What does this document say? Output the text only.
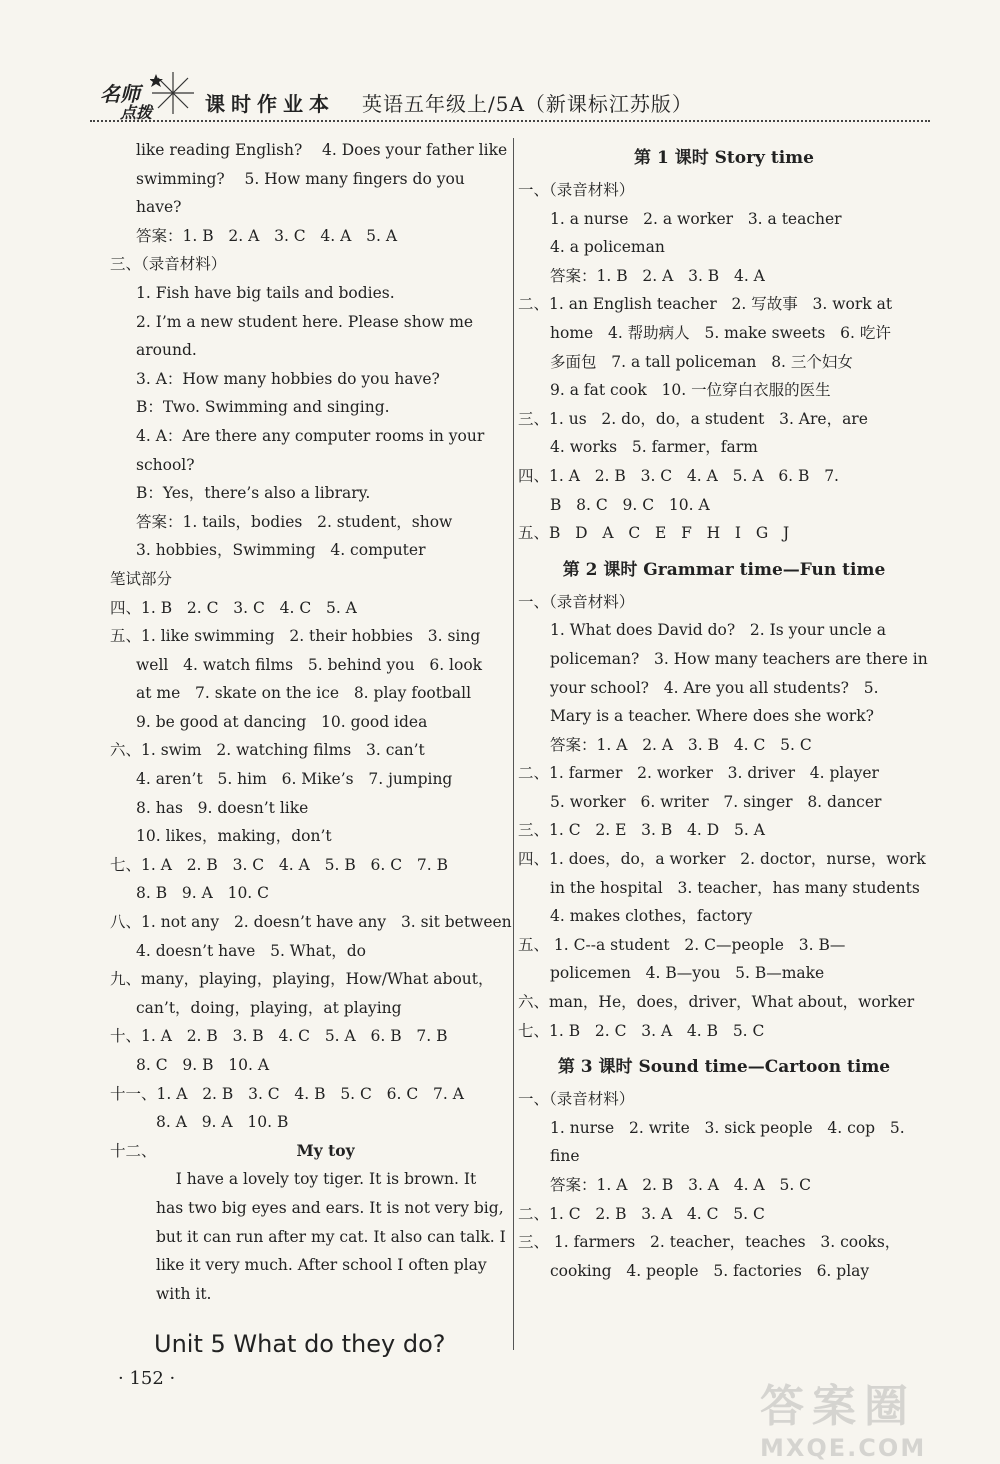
名师
点拨	课时作业本 英语五年级上/5A（新课标江苏版）
like reading English?    4. Does your father like
swimming?    5. How many fingers do you
have?
答案：1. B   2. A   3. C   4. A   5. A
三、（录音材料）
1. Fish have big tails and bodies.
2. I’m a new student here. Please show me
around.
3. A：How many hobbies do you have?
B：Two. Swimming and singing.
4. A：Are there any computer rooms in your
school?
B：Yes，there’s also a library.
答案：1. tails，bodies   2. student，show
3. hobbies，Swimming   4. computer
笔试部分
四、1. B   2. C   3. C   4. C   5. A
五、1. like swimming   2. their hobbies   3. sing
well   4. watch films   5. behind you   6. look
at me   7. skate on the ice   8. play football
9. be good at dancing   10. good idea
六、1. swim   2. watching films   3. can’t
4. aren’t   5. him   6. Mike’s   7. jumping
8. has   9. doesn’t like
10. likes，making，don’t
七、1. A   2. B   3. C   4. A   5. B   6. C   7. B
8. B   9. A   10. C
八、1. not any   2. doesn’t have any   3. sit between
4. doesn’t have   5. What，do
九、many，playing，playing，How/What about，
can’t，doing，playing，at playing
十、1. A   2. B   3. B   4. C   5. A   6. B   7. B
8. C   9. B   10. A
十一、1. A   2. B   3. C   4. B   5. C   6. C   7. A
8. A   9. A   10. B
十二、	My toy
I have a lovely toy tiger. It is brown. It
has two big eyes and ears. It is not very big,
but it can run after my cat. It also can talk. I
like it very much. After school I often play
with it.
Unit 5 What do they do?
第 1 课时 Story time
一、（录音材料）
1. a nurse   2. a worker   3. a teacher
4. a policeman
答案：1. B   2. A   3. B   4. A
二、1. an English teacher   2. 写故事   3. work at
home   4. 帮助病人   5. make sweets   6. 吃许
多面包   7. a tall policeman   8. 三个妇女
9. a fat cook   10. 一位穿白衣服的医生
三、1. us   2. do，do，a student   3. Are，are
4. works   5. farmer，farm
四、1. A   2. B   3. C   4. A   5. A   6. B   7.
B   8. C   9. C   10. A
五、B   D   A   C   E   F   H   I   G   J
第 2 课时 Grammar time—Fun time
一、（录音材料）
1. What does David do?   2. Is your uncle a
policeman?   3. How many teachers are there in
your school?   4. Are you all students?   5.
Mary is a teacher. Where does she work?
答案：1. A   2. A   3. B   4. C   5. C
二、1. farmer   2. worker   3. driver   4. player
5. worker   6. writer   7. singer   8. dancer
三、1. C   2. E   3. B   4. D   5. A
四、1. does，do，a worker   2. doctor，nurse，work
in the hospital   3. teacher，has many students
4. makes clothes，factory
五、 1. C--a student   2. C—people   3. B—
policemen   4. B—you   5. B—make
六、man，He，does，driver，What about，worker
七、1. B   2. C   3. A   4. B   5. C
第 3 课时 Sound time—Cartoon time
一、（录音材料）
1. nurse   2. write   3. sick people   4. cop   5.
fine
答案：1. A   2. B   3. A   4. A   5. C
二、1. C   2. B   3. A   4. C   5. C
三、 1. farmers   2. teacher，teaches   3. cooks，
cooking   4. people   5. factories   6. play
· 152 ·
答案圈
MXQE.COM
